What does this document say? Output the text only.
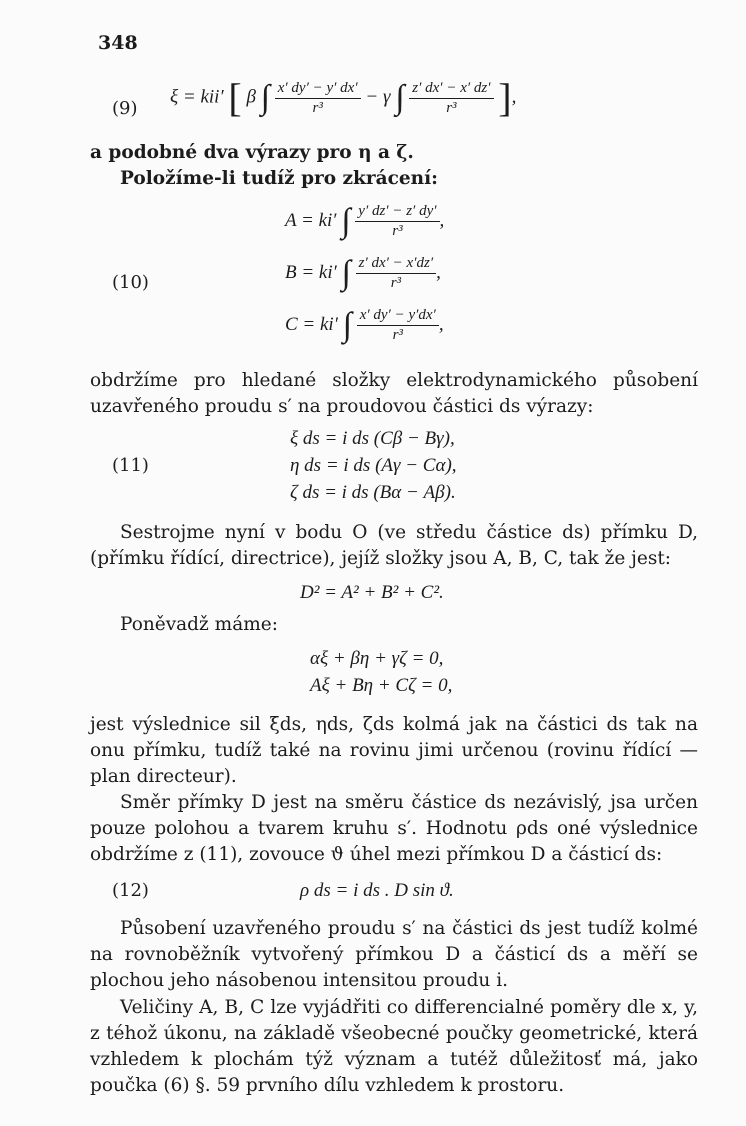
348
(9)
ξ = kii′ [ β ∫ $\frac{x' dy' - y' dx'}{\text{r³}} - \gamma$ ∫ $\frac{z' dx' - x' dz'}{\text{r³}}$ ],
a podobné dva výrazy pro η a ζ.
Položíme-li tudíž pro zkrácení:
(10)
A = ki′ ∫ $\frac{y' dz' - z' dy'}{\text{r³}}$ ,
B = ki′ ∫ $\frac{z' dx' - x'dz'}{\text{r³}}$ ,
C = ki′ ∫ $\frac{x' dy' - y'dx'}{\text{r³}}$ ,
obdržíme pro hledané složky elektrodynamického působení uzavřeného proudu s′ na proudovou částici ds výrazy:
(11)
ξ ds = i ds (Cβ − Bγ),
η ds = i ds (Aγ − Cα),
ζ ds = i ds (Bα − Aβ).
Sestrojme nyní v bodu O (ve středu částice ds) přímku D, (přímku řídící, directrice), jejíž složky jsou A, B, C, tak že jest:
D² = A² + B² + C².
Poněvadž máme:
αξ + βη + γζ = 0,
Aξ + Bη + Cζ = 0,
jest výslednice sil ξds, ηds, ζds kolmá jak na částici ds tak na onu přímku, tudíž také na rovinu jimi určenou (rovinu řídící — plan directeur).
Směr přímky D jest na směru částice ds nezávislý, jsa určen pouze polohou a tvarem kruhu s′. Hodnotu ρds oné výslednice obdržíme z (11), zovouce ϑ úhel mezi přímkou D a částicí ds:
(12)	ρ ds = i ds . D sin ϑ.
Působení uzavřeného proudu s′ na částici ds jest tudíž kolmé na rovnoběžník vytvořený přímkou D a částicí ds a měří se plochou jeho násobenou intensitou proudu i.
Veličiny A, B, C lze vyjádřiti co differencialné poměry dle x, y, z téhož úkonu, na základě všeobecné poučky geometrické, která vzhledem k plochám týž význam a tutéž důležitosť má, jako poučka (6) §. 59 prvního dílu vzhledem k prostoru.
